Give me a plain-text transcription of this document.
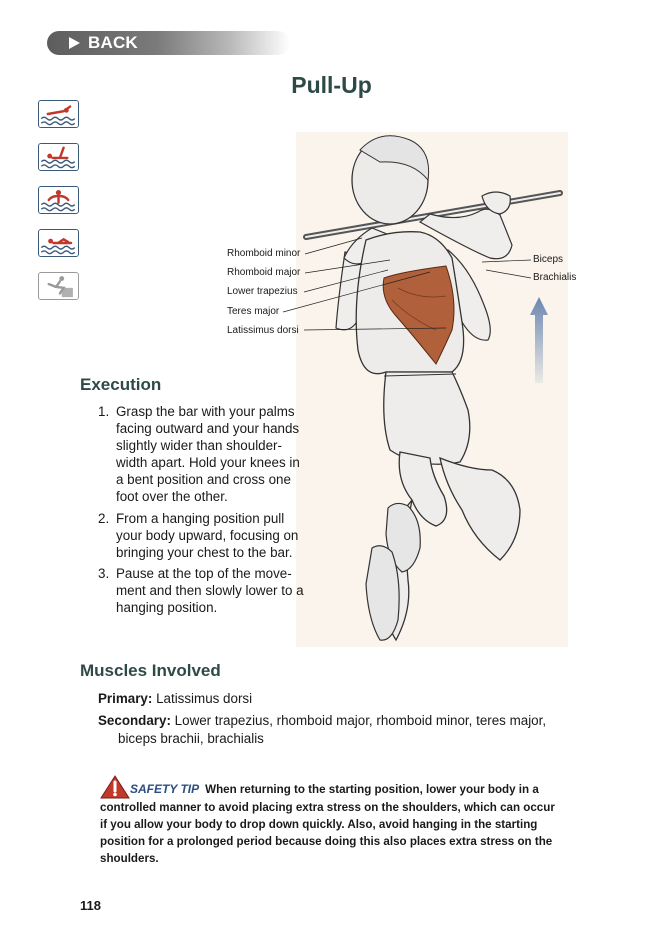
BACK
Pull-Up
Rhomboid minor
Rhomboid major
Lower trapezius
Teres major
Latissimus dorsi
Biceps
Brachialis
Execution
1. Grasp the bar with your palms facing outward and your hands slightly wider than shoulder-width apart. Hold your knees in a bent position and cross one foot over the other.
2. From a hanging position pull your body upward, focusing on bringing your chest to the bar.
3. Pause at the top of the movement and then slowly lower to a hanging position.
Muscles Involved
Primary: Latissimus dorsi
Secondary: Lower trapezius, rhomboid major, rhomboid minor, teres major, biceps brachii, brachialis
SAFETY TIP When returning to the starting position, lower your body in a controlled manner to avoid placing extra stress on the shoulders, which can occur if you allow your body to drop down quickly. Also, avoid hanging in the starting position for a prolonged period because doing this also places extra stress on the shoulders.
118
